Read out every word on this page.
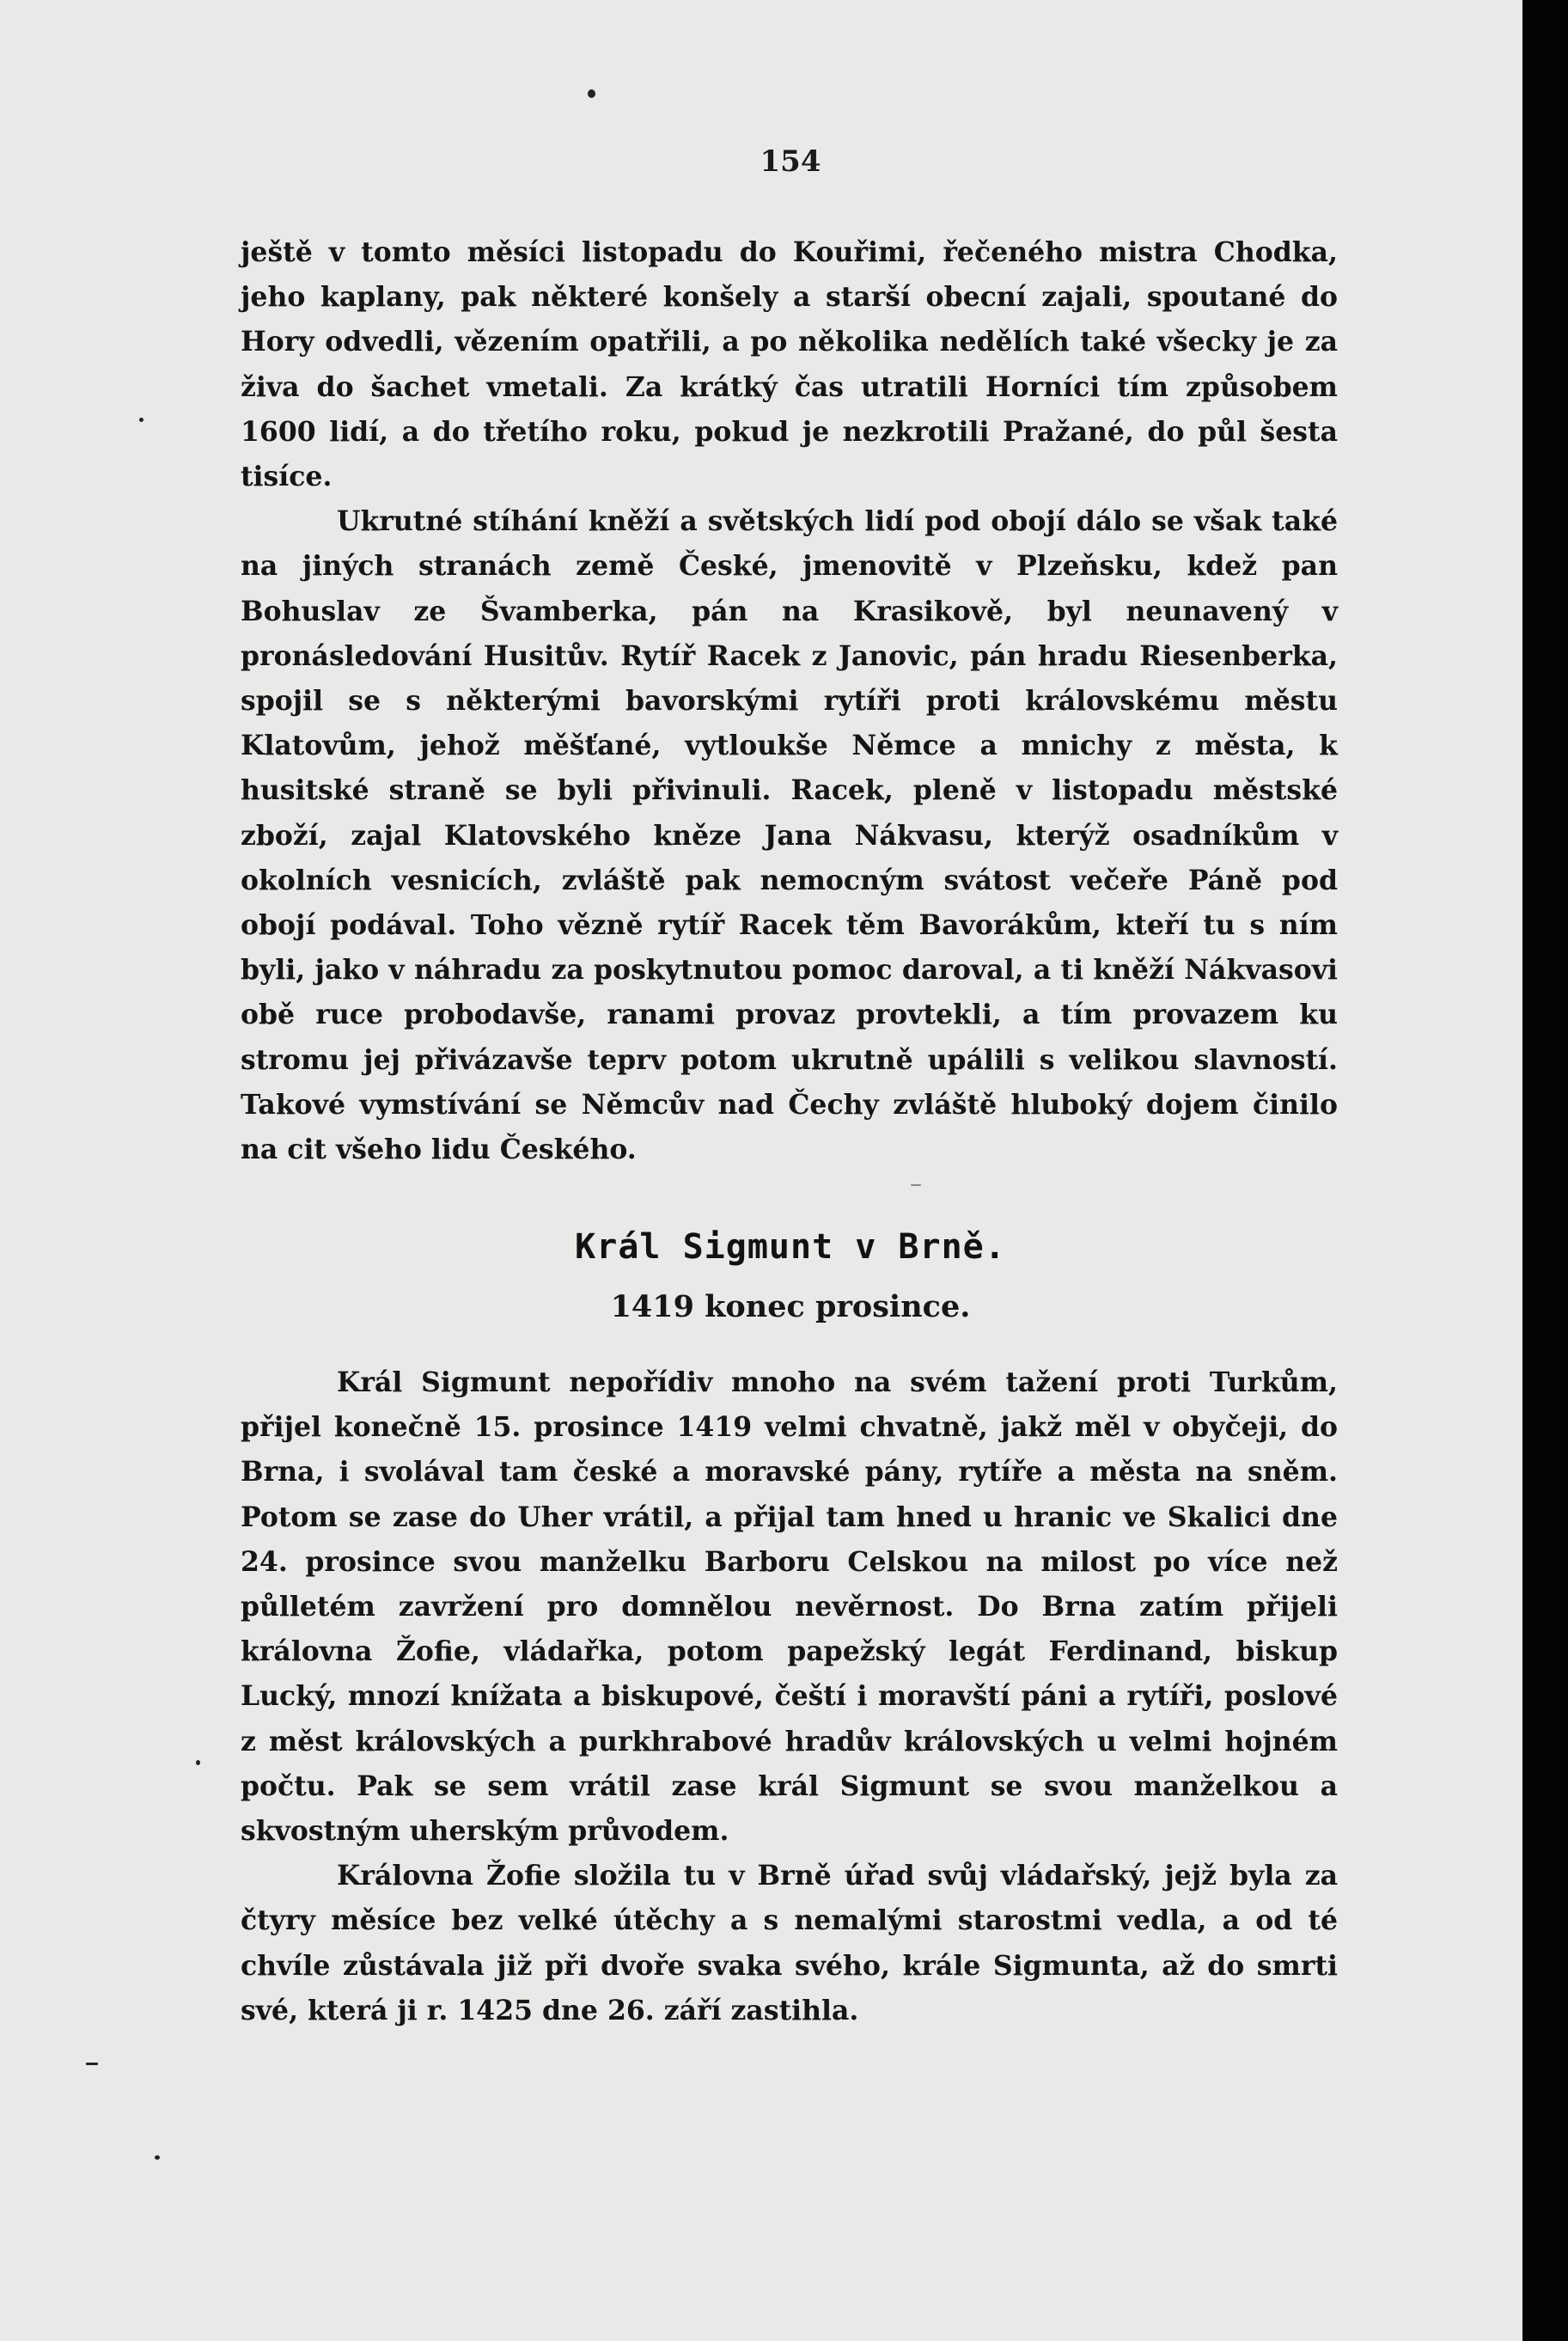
154

ještě v tomto měsíci listopadu do Kouřimi, řečeného mistra Chodka, jeho kaplany, pak některé konšely a starší obecní zajali, spoutané do Hory odvedli, vězením opatřili, a po několika nedělích také všecky je za živa do šachet vmetali. Za krátký čas utratili Horníci tím způsobem 1600 lidí, a do třetího roku, pokud je nezkrotili Pražané, do půl šesta tisíce.

Ukrutné stíhání kněží a světských lidí pod obojí dálo se však také na jiných stranách země České, jmenovitě v Plzeňsku, kdež pan Bohuslav ze Švamberka, pán na Krasikově, byl neunavený v pronásledování Husitův. Rytíř Racek z Janovic, pán hradu Riesenberka, spojil se s některými bavorskými rytíři proti královskému městu Klatovům, jehož měšťané, vytloukše Němce a mnichy z města, k husitské straně se byli přivinuli. Racek, pleně v listopadu městské zboží, zajal Klatovského kněze Jana Nákvasu, kterýž osadníkům v okolních vesnicích, zvláště pak nemocným svátost večeře Páně pod obojí podával. Toho vězně rytíř Racek těm Bavorákům, kteří tu s ním byli, jako v náhradu za poskytnutou pomoc daroval, a ti kněží Nákvasovi obě ruce probodavše, ranami provaz provtekli, a tím provazem ku stromu jej přivázavše teprv potom ukrutně upálili s velikou slavností. Takové vymstívání se Němcův nad Čechy zvláště hluboký dojem činilo na cit všeho lidu Českého.

Král Sigmunt v Brně.
1419 konec prosince.

Král Sigmunt nepořídiv mnoho na svém tažení proti Turkům, přijel konečně 15. prosince 1419 velmi chvatně, jakž měl v obyčeji, do Brna, i svolával tam české a moravské pány, rytíře a města na sněm. Potom se zase do Uher vrátil, a přijal tam hned u hranic ve Skalici dne 24. prosince svou manželku Barboru Celskou na milost po více než půlletém zavržení pro domnělou nevěrnost. Do Brna zatím přijeli královna Žofie, vládařka, potom papežský legát Ferdinand, biskup Lucký, mnozí knížata a biskupové, čeští i moravští páni a rytíři, poslové z měst královských a purkhrabové hradův královských u velmi hojném počtu. Pak se sem vrátil zase král Sigmunt se svou manželkou a skvostným uherským průvodem.

Královna Žofie složila tu v Brně úřad svůj vládařský, jejž byla za čtyry měsíce bez velké útěchy a s nemalými starostmi vedla, a od té chvíle zůstávala již při dvoře svaka svého, krále Sigmunta, až do smrti své, která ji r. 1425 dne 26. září zastihla.
